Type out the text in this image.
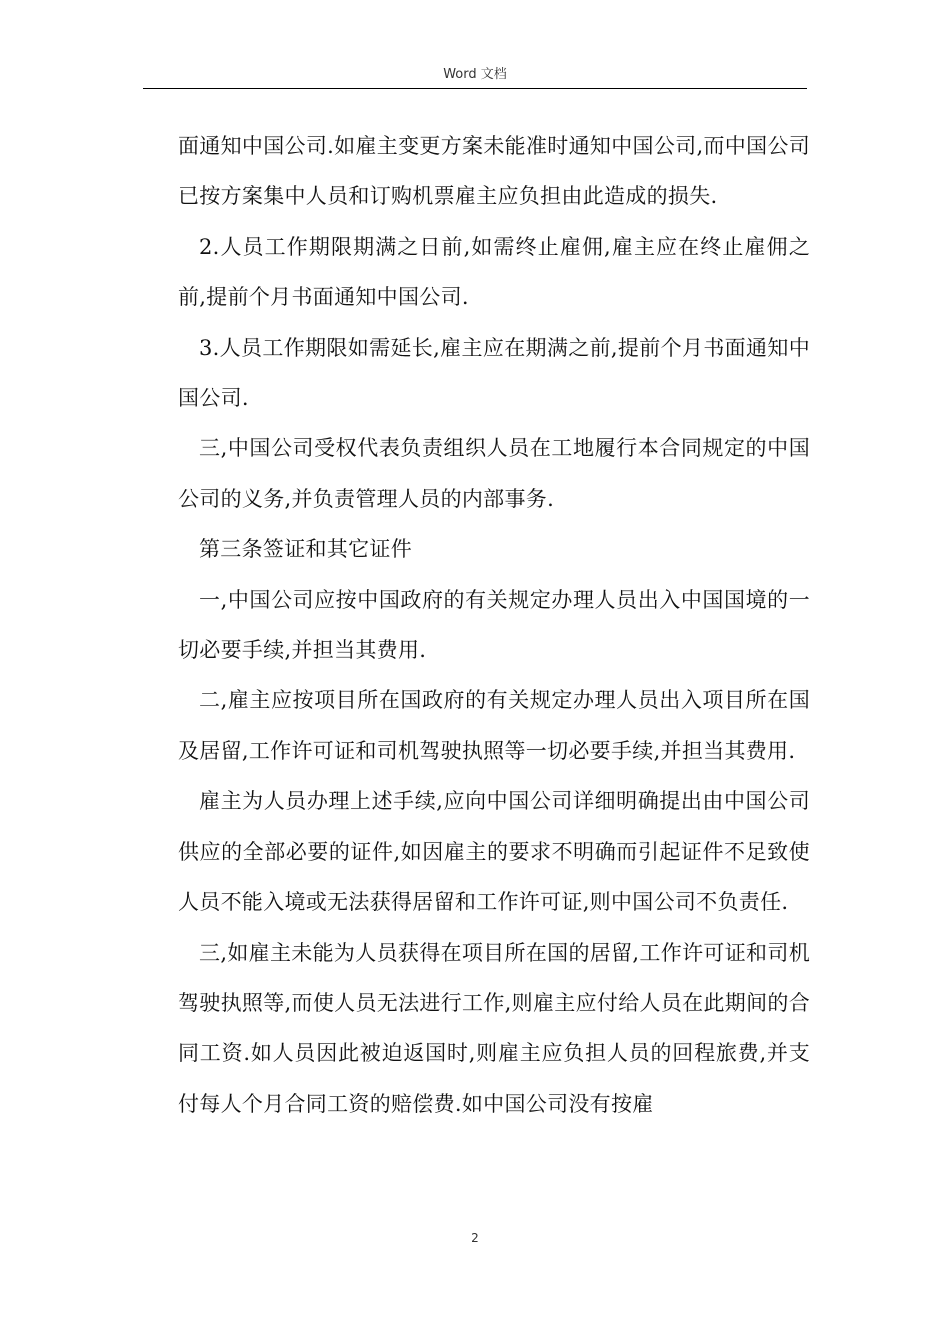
Word 文档

面通知中国公司.如雇主变更方案未能准时通知中国公司,而中国公司已按方案集中人员和订购机票雇主应负担由此造成的损失.

2.人员工作期限期满之日前,如需终止雇佣,雇主应在终止雇佣之前,提前个月书面通知中国公司.

3.人员工作期限如需延长,雇主应在期满之前,提前个月书面通知中国公司.

三,中国公司受权代表负责组织人员在工地履行本合同规定的中国公司的义务,并负责管理人员的内部事务.

第三条签证和其它证件

一,中国公司应按中国政府的有关规定办理人员出入中国国境的一切必要手续,并担当其费用.

二,雇主应按项目所在国政府的有关规定办理人员出入项目所在国及居留,工作许可证和司机驾驶执照等一切必要手续,并担当其费用.

雇主为人员办理上述手续,应向中国公司详细明确提出由中国公司供应的全部必要的证件,如因雇主的要求不明确而引起证件不足致使人员不能入境或无法获得居留和工作许可证,则中国公司不负责任.

三,如雇主未能为人员获得在项目所在国的居留,工作许可证和司机驾驶执照等,而使人员无法进行工作,则雇主应付给人员在此期间的合同工资.如人员因此被迫返国时,则雇主应负担人员的回程旅费,并支付每人个月合同工资的赔偿费.如中国公司没有按雇

2
